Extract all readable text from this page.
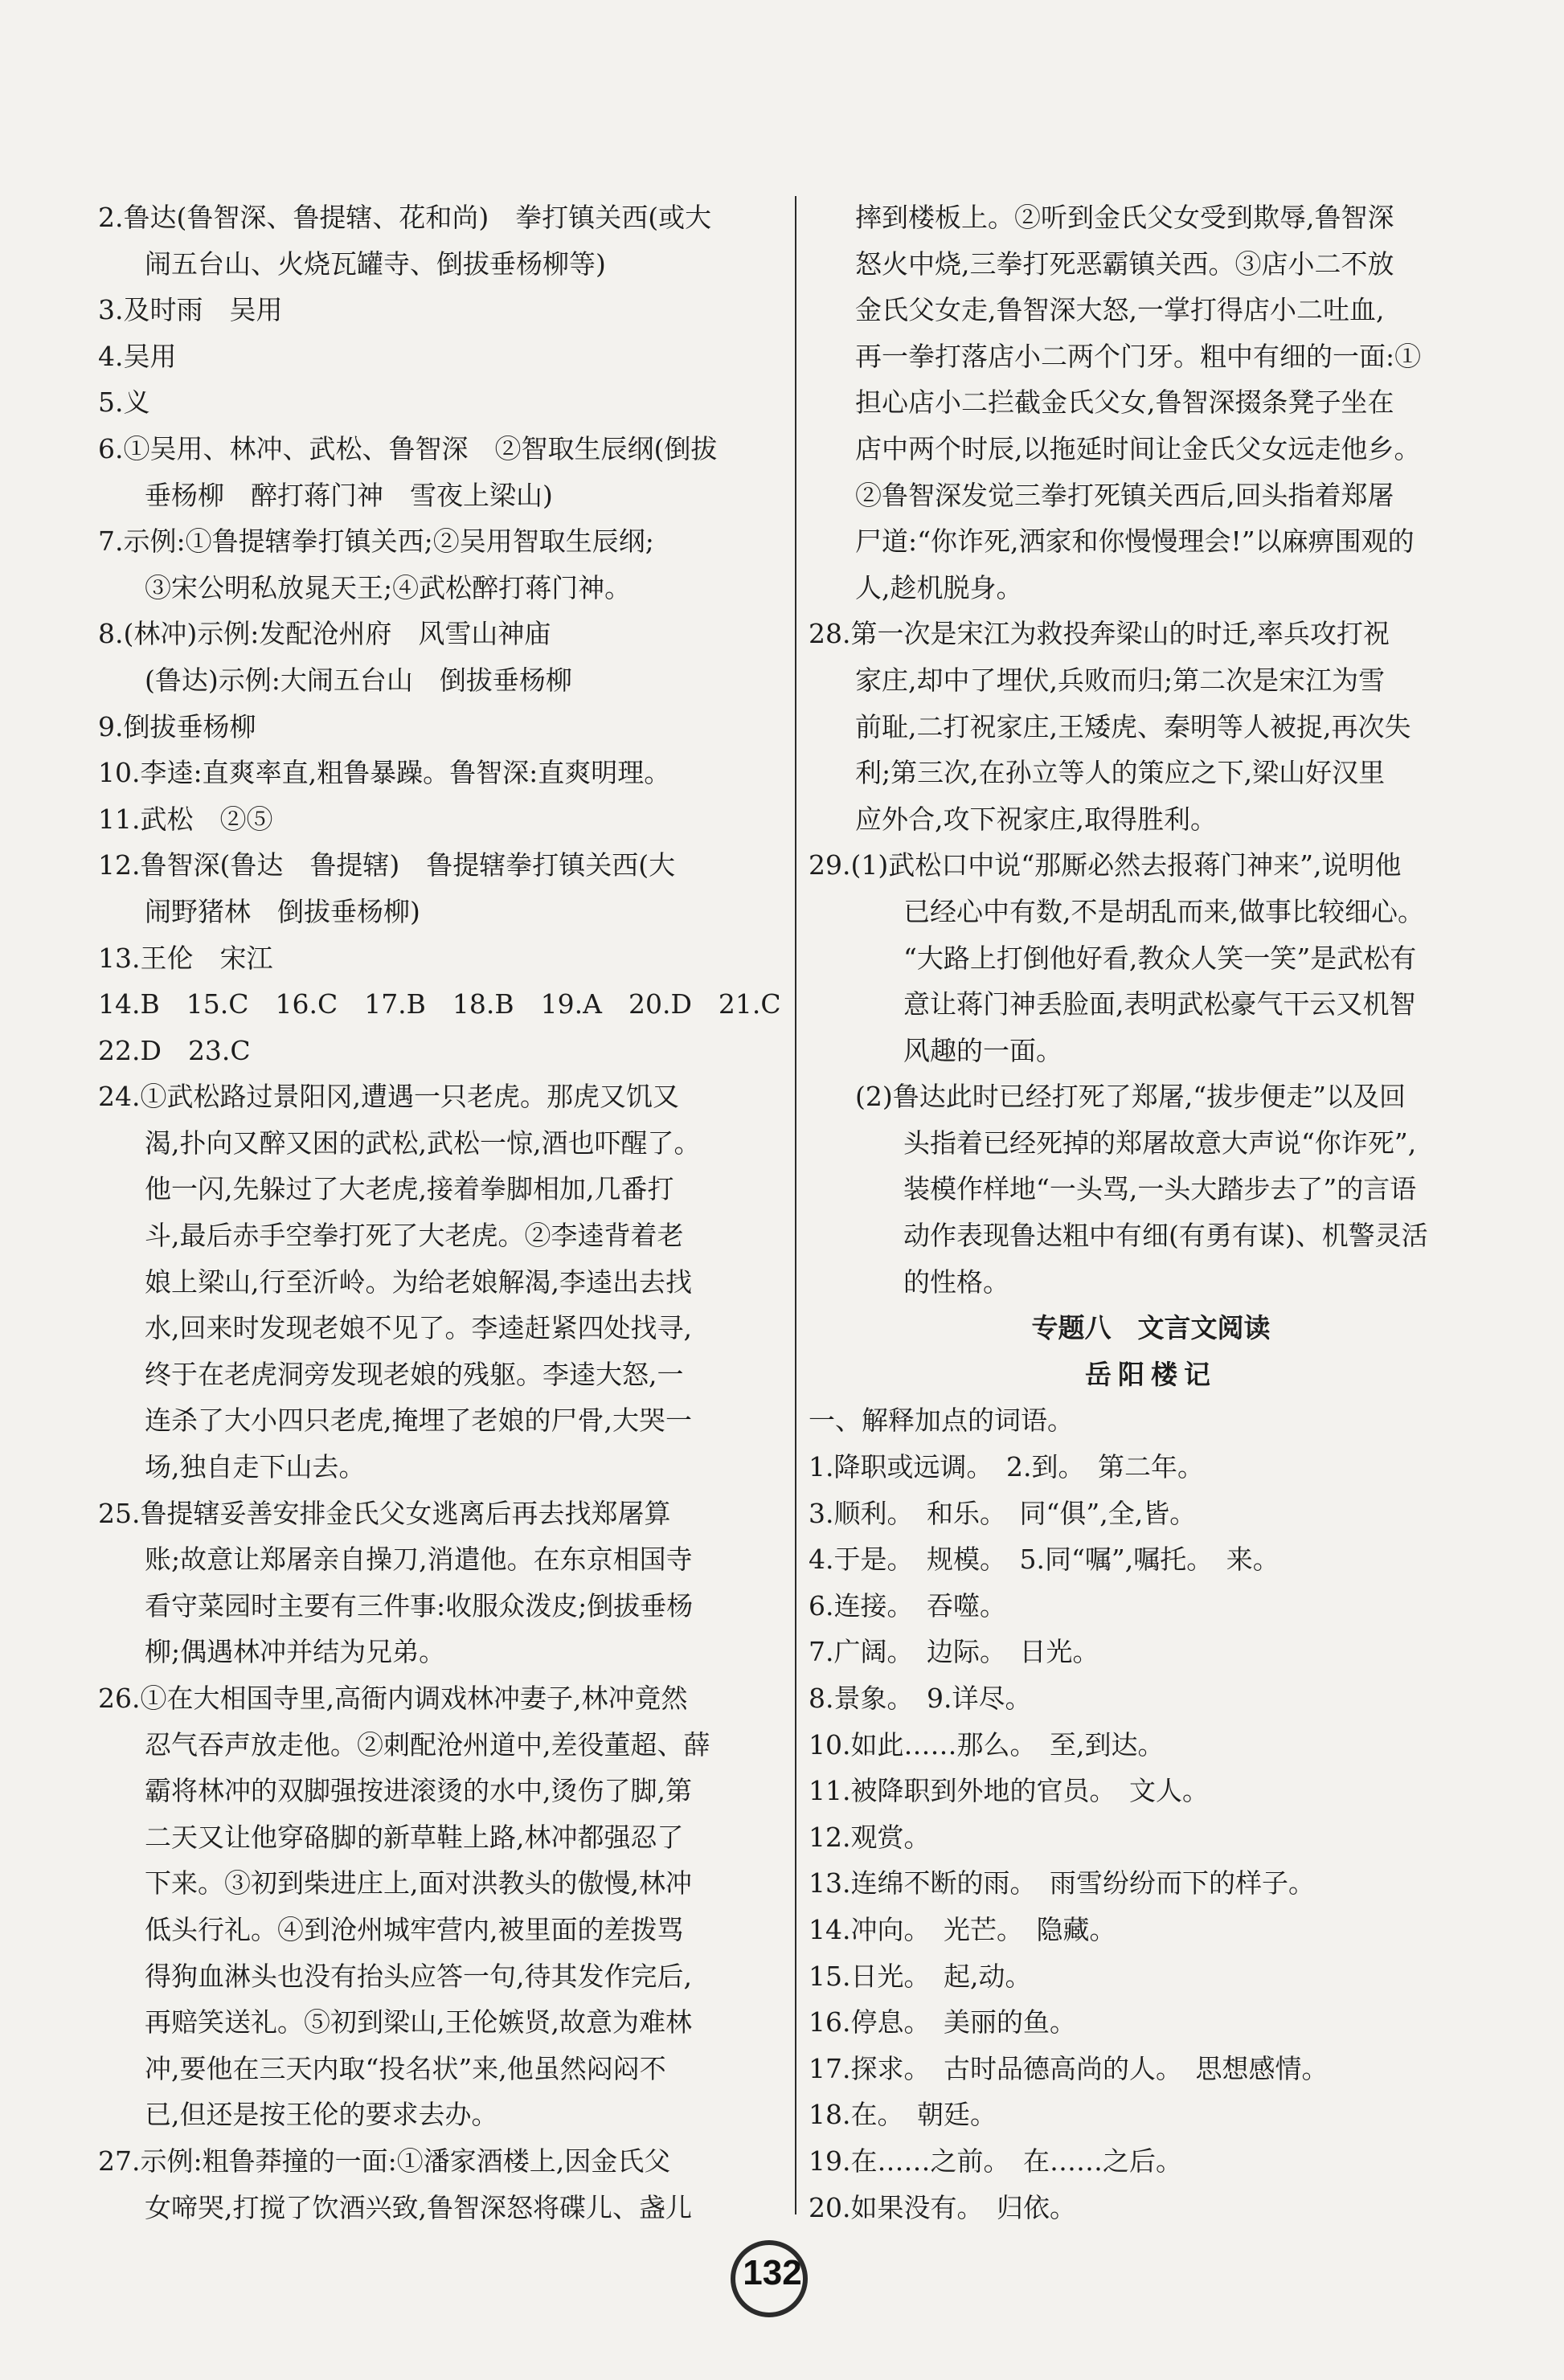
2.鲁达(鲁智深、鲁提辖、花和尚)　拳打镇关西(或大
闹五台山、火烧瓦罐寺、倒拔垂杨柳等)
3.及时雨　吴用
4.吴用
5.义
6.①吴用、林冲、武松、鲁智深　②智取生辰纲(倒拔
垂杨柳　醉打蒋门神　雪夜上梁山)
7.示例:①鲁提辖拳打镇关西;②吴用智取生辰纲;
③宋公明私放晁天王;④武松醉打蒋门神。
8.(林冲)示例:发配沧州府　风雪山神庙
(鲁达)示例:大闹五台山　倒拔垂杨柳
9.倒拔垂杨柳
10.李逵:直爽率直,粗鲁暴躁。鲁智深:直爽明理。
11.武松　②⑤
12.鲁智深(鲁达　鲁提辖)　鲁提辖拳打镇关西(大
闹野猪林　倒拔垂杨柳)
13.王伦　宋江
14.B　15.C　16.C　17.B　18.B　19.A　20.D　21.C
22.D　23.C
24.①武松路过景阳冈,遭遇一只老虎。那虎又饥又
渴,扑向又醉又困的武松,武松一惊,酒也吓醒了。
他一闪,先躲过了大老虎,接着拳脚相加,几番打
斗,最后赤手空拳打死了大老虎。②李逵背着老
娘上梁山,行至沂岭。为给老娘解渴,李逵出去找
水,回来时发现老娘不见了。李逵赶紧四处找寻,
终于在老虎洞旁发现老娘的残躯。李逵大怒,一
连杀了大小四只老虎,掩埋了老娘的尸骨,大哭一
场,独自走下山去。
25.鲁提辖妥善安排金氏父女逃离后再去找郑屠算
账;故意让郑屠亲自操刀,消遣他。在东京相国寺
看守菜园时主要有三件事:收服众泼皮;倒拔垂杨
柳;偶遇林冲并结为兄弟。
26.①在大相国寺里,高衙内调戏林冲妻子,林冲竟然
忍气吞声放走他。②刺配沧州道中,差役董超、薛
霸将林冲的双脚强按进滚烫的水中,烫伤了脚,第
二天又让他穿硌脚的新草鞋上路,林冲都强忍了
下来。③初到柴进庄上,面对洪教头的傲慢,林冲
低头行礼。④到沧州城牢营内,被里面的差拨骂
得狗血淋头也没有抬头应答一句,待其发作完后,
再赔笑送礼。⑤初到梁山,王伦嫉贤,故意为难林
冲,要他在三天内取“投名状”来,他虽然闷闷不
已,但还是按王伦的要求去办。
27.示例:粗鲁莽撞的一面:①潘家酒楼上,因金氏父
女啼哭,打搅了饮酒兴致,鲁智深怒将碟儿、盏儿
摔到楼板上。②听到金氏父女受到欺辱,鲁智深
怒火中烧,三拳打死恶霸镇关西。③店小二不放
金氏父女走,鲁智深大怒,一掌打得店小二吐血,
再一拳打落店小二两个门牙。粗中有细的一面:①
担心店小二拦截金氏父女,鲁智深掇条凳子坐在
店中两个时辰,以拖延时间让金氏父女远走他乡。
②鲁智深发觉三拳打死镇关西后,回头指着郑屠
尸道:“你诈死,洒家和你慢慢理会!”以麻痹围观的
人,趁机脱身。
28.第一次是宋江为救投奔梁山的时迁,率兵攻打祝
家庄,却中了埋伏,兵败而归;第二次是宋江为雪
前耻,二打祝家庄,王矮虎、秦明等人被捉,再次失
利;第三次,在孙立等人的策应之下,梁山好汉里
应外合,攻下祝家庄,取得胜利。
29.(1)武松口中说“那厮必然去报蒋门神来”,说明他
已经心中有数,不是胡乱而来,做事比较细心。
“大路上打倒他好看,教众人笑一笑”是武松有
意让蒋门神丢脸面,表明武松豪气干云又机智
风趣的一面。
(2)鲁达此时已经打死了郑屠,“拔步便走”以及回
头指着已经死掉的郑屠故意大声说“你诈死”,
装模作样地“一头骂,一头大踏步去了”的言语
动作表现鲁达粗中有细(有勇有谋)、机警灵活
的性格。
专题八　文言文阅读
岳阳楼记
一、解释加点的词语。
1.降职或远调。　2.到。　第二年。
3.顺利。　和乐。　同“俱”,全,皆。
4.于是。　规模。　5.同“嘱”,嘱托。　来。
6.连接。　吞噬。
7.广阔。　边际。　日光。
8.景象。　9.详尽。
10.如此……那么。　至,到达。
11.被降职到外地的官员。　文人。
12.观赏。
13.连绵不断的雨。　雨雪纷纷而下的样子。
14.冲向。　光芒。　隐藏。
15.日光。　起,动。
16.停息。　美丽的鱼。
17.探求。　古时品德高尚的人。　思想感情。
18.在。　朝廷。
19.在……之前。　在……之后。
20.如果没有。　归依。
132
